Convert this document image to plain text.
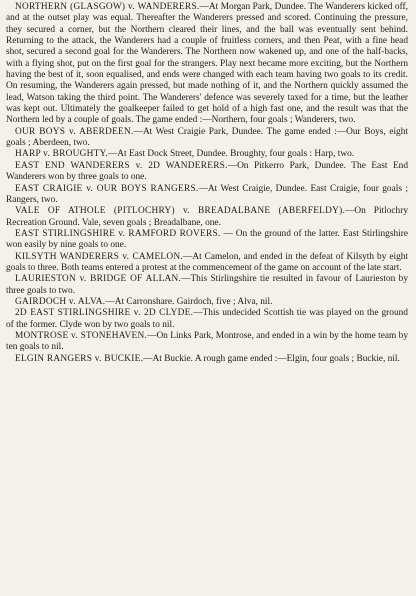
NORTHERN (GLASGOW) v. WANDERERS.—At Morgan Park, Dundee. The Wanderers kicked off, and at the outset play was equal. Thereafter the Wanderers pressed and scored. Continuing the pressure, they secured a corner, but the Northern cleared their lines, and the ball was eventually sent behind. Returning to the attack, the Wanderers had a couple of fruitless corners, and then Peat, with a fine head shot, secured a second goal for the Wanderers. The Northern now wakened up, and one of the half-backs, with a flying shot, put on the first goal for the strangers. Play next became more exciting, but the Northern having the best of it, soon equalised, and ends were changed with each team having two goals to its credit. On resuming, the Wanderers again pressed, but made nothing of it, and the Northern quickly assumed the lead, Watson taking the third point. The Wanderers' defence was severely taxed for a time, but the leather was kept out. Ultimately the goalkeeper failed to get hold of a high fast one, and the result was that the Northern led by a couple of goals. The game ended :—Northern, four goals ; Wanderers, two.

OUR BOYS v. ABERDEEN.—At West Craigie Park, Dundee. The game ended :—Our Boys, eight goals ; Aberdeen, two.

HARP v. BROUGHTY.—At East Dock Street, Dundee. Broughty, four goals : Harp, two.

EAST END WANDERERS v. 2D WANDERERS.—On Pitkerro Park, Dundee. The East End Wanderers won by three goals to one.

EAST CRAIGIE v. OUR BOYS RANGERS.—At West Craigie, Dundee. East Craigie, four goals ; Rangers, two.

VALE OF ATHOLE (PITLOCHRY) v. BREADALBANE (ABERFELDY).—On Pitlochry Recreation Ground. Vale, seven goals ; Breadalbane, one.

EAST STIRLINGSHIRE v. RAMFORD ROVERS. — On the ground of the latter. East Stirlingshire won easily by nine goals to one.

KILSYTH WANDERERS v. CAMELON.—At Camelon, and ended in the defeat of Kilsyth by eight goals to three. Both teams entered a protest at the commencement of the game on account of the late start.

LAURIESTON v. BRIDGE OF ALLAN.—This Stirlingshire tie resulted in favour of Laurieston by three goals to two.

GAIRDOCH v. ALVA.—At Carronshare. Gairdoch, five ; Alva, nil.

2D EAST STIRLINGSHIRE v. 2D CLYDE.—This undecided Scottish tie was played on the ground of the former. Clyde won by two goals to nil.

MONTROSE v. STONEHAVEN.—On Links Park, Montrose, and ended in a win by the home team by ten goals to nil.

ELGIN RANGERS v. BUCKIE.—At Buckie. A rough game ended :—Elgin, four goals ; Buckie, nil.
